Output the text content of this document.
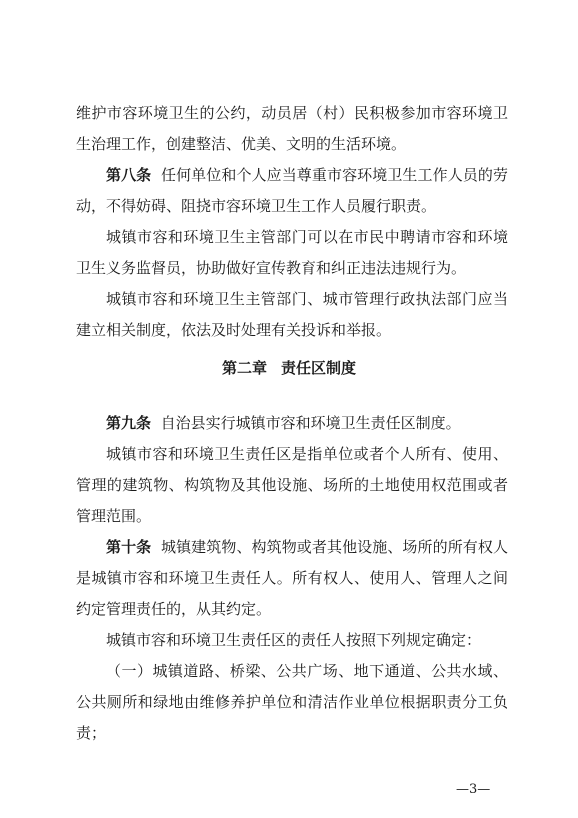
维护市容环境卫生的公约，动员居（村）民积极参加市容环境卫生治理工作，创建整洁、优美、文明的生活环境。

第八条 任何单位和个人应当尊重市容环境卫生工作人员的劳动，不得妨碍、阻挠市容环境卫生工作人员履行职责。

城镇市容和环境卫生主管部门可以在市民中聘请市容和环境卫生义务监督员，协助做好宣传教育和纠正违法违规行为。

城镇市容和环境卫生主管部门、城市管理行政执法部门应当建立相关制度，依法及时处理有关投诉和举报。

第二章 责任区制度

第九条 自治县实行城镇市容和环境卫生责任区制度。

城镇市容和环境卫生责任区是指单位或者个人所有、使用、管理的建筑物、构筑物及其他设施、场所的土地使用权范围或者管理范围。

第十条 城镇建筑物、构筑物或者其他设施、场所的所有权人是城镇市容和环境卫生责任人。所有权人、使用人、管理人之间约定管理责任的，从其约定。

城镇市容和环境卫生责任区的责任人按照下列规定确定：

（一）城镇道路、桥梁、公共广场、地下通道、公共水域、公共厕所和绿地由维修养护单位和清洁作业单位根据职责分工负责；

—3—
